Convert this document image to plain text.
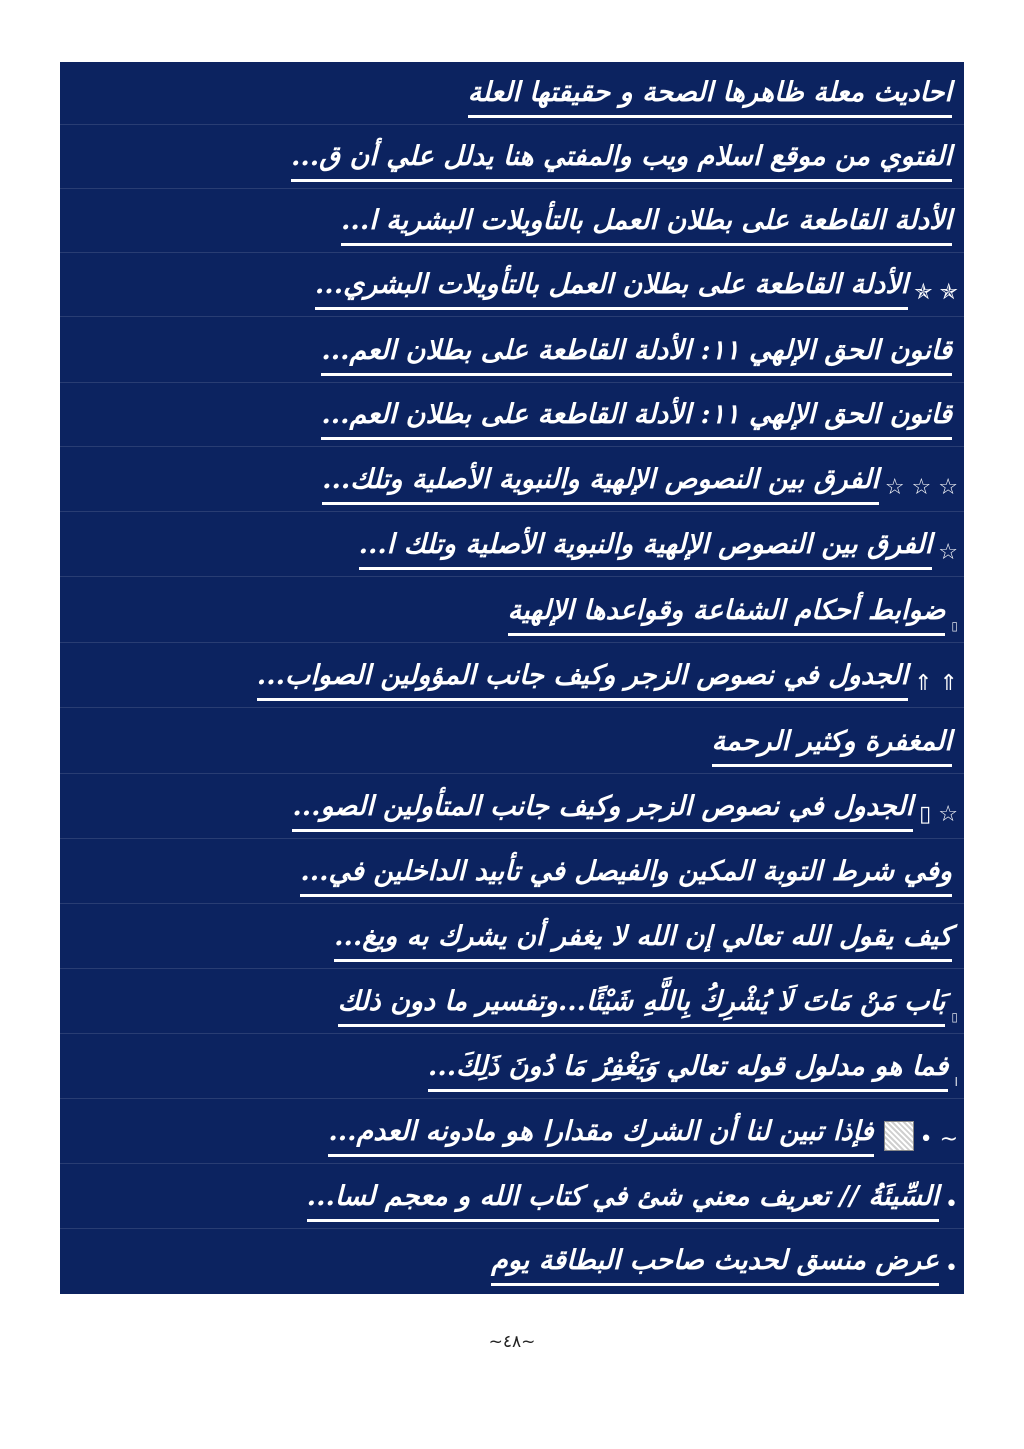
احاديث معلة ظاهرها الصحة و حقيقتها العلة
الفتوي من موقع اسلام ويب والمفتي هنا يدلل علي أن ق...
الأدلة القاطعة على بطلان العمل بالتأويلات البشرية ا...
✯ ✯
الأدلة القاطعة على بطلان العمل بالتأويلات البشري...
قانون الحق الإلهي ١١: الأدلة القاطعة على بطلان العم...
قانون الحق الإلهي ١١: الأدلة القاطعة على بطلان العم...
☆ ☆ ☆
الفرق بين النصوص الإلهية والنبوية الأصلية وتلك...
☆
الفرق بين النصوص الإلهية والنبوية الأصلية وتلك ا...
▯
ضوابط أحكام الشفاعة وقواعدها الإلهية
⇑ ⇑
الجدول في نصوص الزجر وكيف جانب المؤولين الصواب...
المغفرة وكثير الرحمة
▯ ☆
الجدول في نصوص الزجر وكيف جانب المتأولين الصو...
وفي شرط التوبة المكين والفيصل في تأبيد الداخلين في...
كيف يقول الله تعالي إن الله لا يغفر أن يشرك به ويغ...
▯
بَاب مَنْ مَاتَ لَا يُشْرِكُ بِاللَّهِ شَيْئًا...وتفسير ما دون ذلك
I
فما هو مدلول قوله تعالي وَيَغْفِرُ مَا دُونَ ذَلِكَ...
• ~
فإذا تبين لنا أن الشرك مقدارا هو مادونه العدم...
•
السِّيئَةُ // تعريف معني شئ في كتاب الله و معجم لسا...
•
عرض منسق لحديث صاحب البطاقة يوم
~٤٨~
